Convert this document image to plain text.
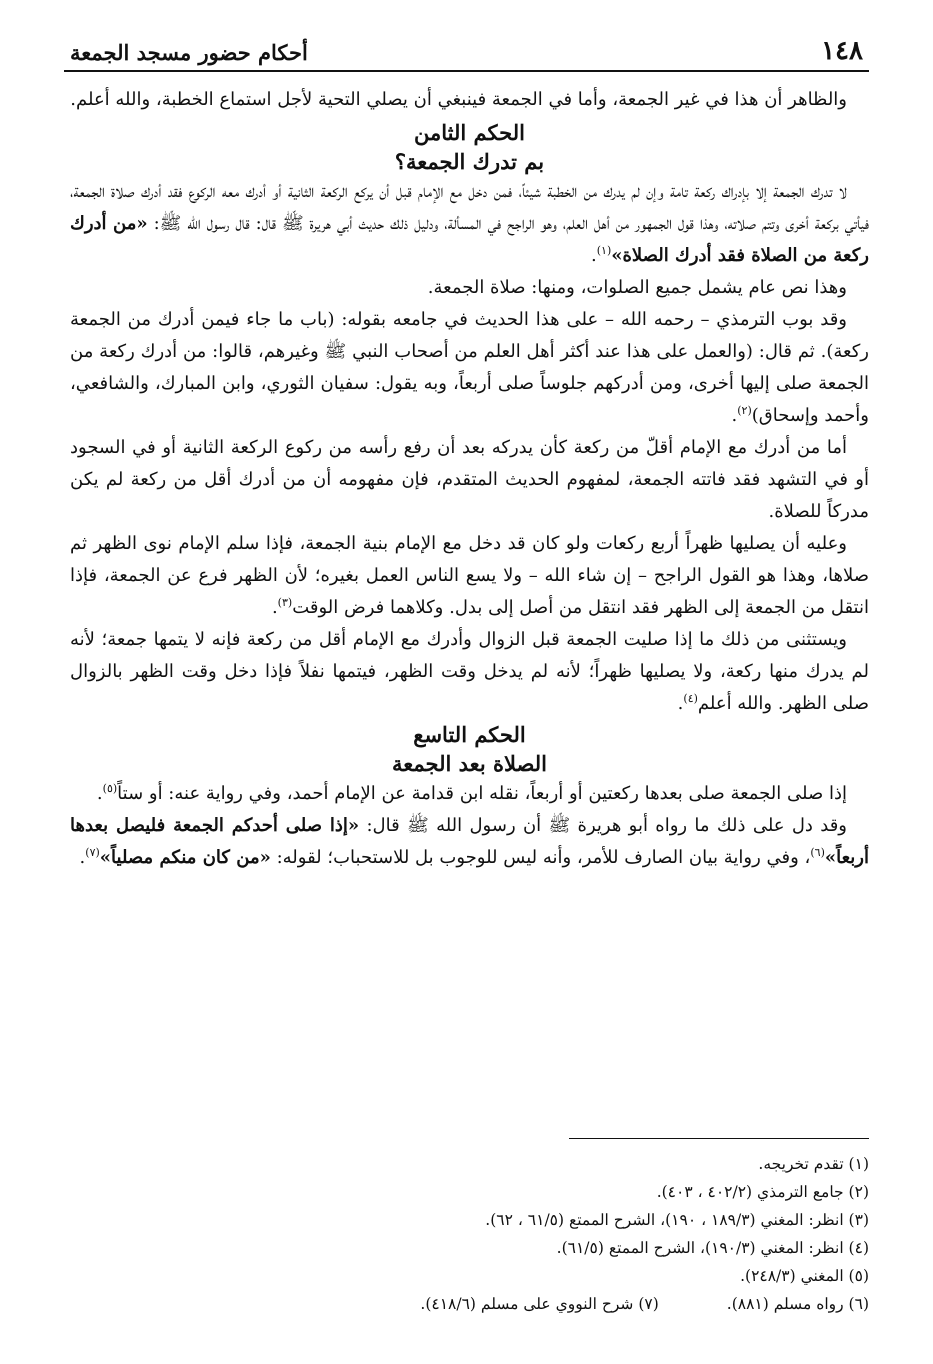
١٤٨
أحكام حضور مسجد الجمعة

والظاهر أن هذا في غير الجمعة، وأما في الجمعة فينبغي أن يصلي التحية لأجل استماع الخطبة، والله أعلم.

الحكم الثامن

بم تدرك الجمعة؟

لا تدرك الجمعة إلا بإدراك ركعة تامة وإن لم يدرك من الخطبة شيئاً، فمن دخل مع الإمام قبل أن يركع الركعة الثانية أو أدرك معه الركوع فقد أدرك صلاة الجمعة، فيأتي بركعة أخرى وتتم صلاته، وهذا قول الجمهور من أهل العلم، وهو الراجح في المسألة، ودليل ذلك حديث أبي هريرة ﷺ قال: قال رسول الله ﷺ: «من أدرك ركعة من الصلاة فقد أدرك الصلاة»$^{(١)}$.

وهذا نص عام يشمل جميع الصلوات، ومنها: صلاة الجمعة.

وقد بوب الترمذي – رحمه الله – على هذا الحديث في جامعه بقوله: (باب ما جاء فيمن أدرك من الجمعة ركعة). ثم قال: (والعمل على هذا عند أكثر أهل العلم من أصحاب النبي ﷺ وغيرهم، قالوا: من أدرك ركعة من الجمعة صلى إليها أخرى، ومن أدركهم جلوساً صلى أربعاً، وبه يقول: سفيان الثوري، وابن المبارك، والشافعي، وأحمد وإسحاق)$^{(٢)}$.

أما من أدرك مع الإمام أقلّ من ركعة كأن يدركه بعد أن رفع رأسه من ركوع الركعة الثانية أو في السجود أو في التشهد فقد فاتته الجمعة، لمفهوم الحديث المتقدم، فإن مفهومه أن من أدرك أقل من ركعة لم يكن مدركاً للصلاة.

وعليه أن يصليها ظهراً أربع ركعات ولو كان قد دخل مع الإمام بنية الجمعة، فإذا سلم الإمام نوى الظهر ثم صلاها، وهذا هو القول الراجح – إن شاء الله – ولا يسع الناس العمل بغيره؛ لأن الظهر فرع عن الجمعة، فإذا انتقل من الجمعة إلى الظهر فقد انتقل من أصل إلى بدل. وكلاهما فرض الوقت$^{(٣)}$.

ويستثنى من ذلك ما إذا صليت الجمعة قبل الزوال وأدرك مع الإمام أقل من ركعة فإنه لا يتمها جمعة؛ لأنه لم يدرك منها ركعة، ولا يصليها ظهراً؛ لأنه لم يدخل وقت الظهر، فيتمها نفلاً فإذا دخل وقت الظهر بالزوال صلى الظهر. والله أعلم$^{(٤)}$.

الحكم التاسع

الصلاة بعد الجمعة

إذا صلى الجمعة صلى بعدها ركعتين أو أربعاً، نقله ابن قدامة عن الإمام أحمد، وفي رواية عنه: أو ستاً$^{(٥)}$.

وقد دل على ذلك ما رواه أبو هريرة ﷺ أن رسول الله ﷺ قال: «إذا صلى أحدكم الجمعة فليصل بعدها أربعاً»$^{(٦)}$، وفي رواية بيان الصارف للأمر، وأنه ليس للوجوب بل للاستحباب؛ لقوله: «من كان منكم مصلياً»$^{(٧)}$.

(١) تقدم تخريجه.

(٢) جامع الترمذي (٤٠٢/٢ ، ٤٠٣).

(٣) انظر: المغني (١٨٩/٣ ، ١٩٠)، الشرح الممتع (٦١/٥ ، ٦٢).

(٤) انظر: المغني (١٩٠/٣)، الشرح الممتع (٦١/٥).

(٥) المغني (٢٤٨/٣).

(٦) رواه مسلم (٨٨١).
(٧) شرح النووي على مسلم (٤١٨/٦).
